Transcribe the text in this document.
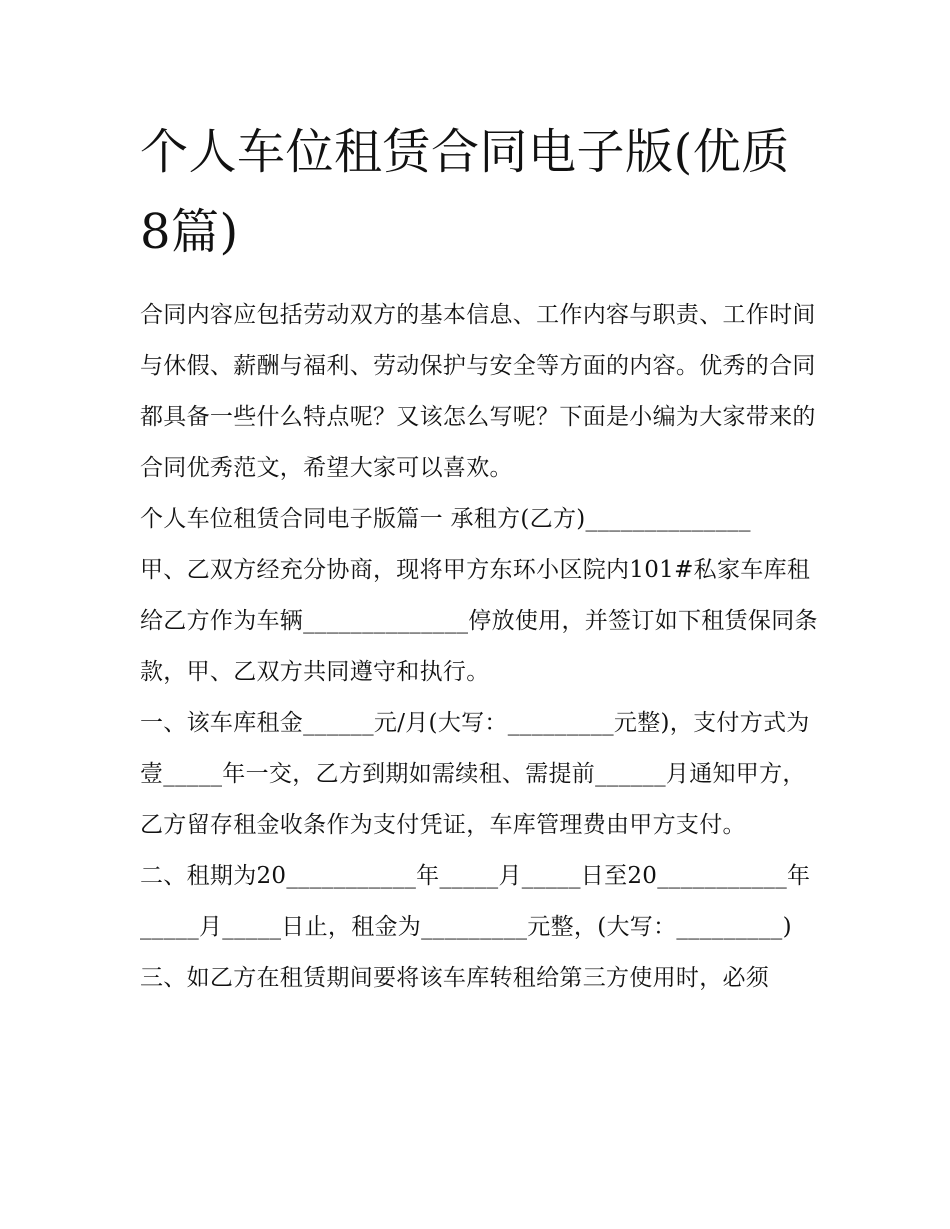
个人车位租赁合同电子版(优质8篇)

合同内容应包括劳动双方的基本信息、工作内容与职责、工作时间与休假、薪酬与福利、劳动保护与安全等方面的内容。优秀的合同都具备一些什么特点呢？又该怎么写呢？下面是小编为大家带来的合同优秀范文，希望大家可以喜欢。

个人车位租赁合同电子版篇一 承租方(乙方)______________

甲、乙双方经充分协商，现将甲方东环小区院内101#私家车库租给乙方作为车辆______________停放使用，并签订如下租赁保同条款，甲、乙双方共同遵守和执行。

一、该车库租金______元/月(大写：_________元整)，支付方式为壹_____年一交，乙方到期如需续租、需提前______月通知甲方，乙方留存租金收条作为支付凭证，车库管理费由甲方支付。

二、租期为20___________年_____月_____日至20___________年_____月_____日止，租金为_________元整，(大写：_________)

三、如乙方在租赁期间要将该车库转租给第三方使用时，必须
